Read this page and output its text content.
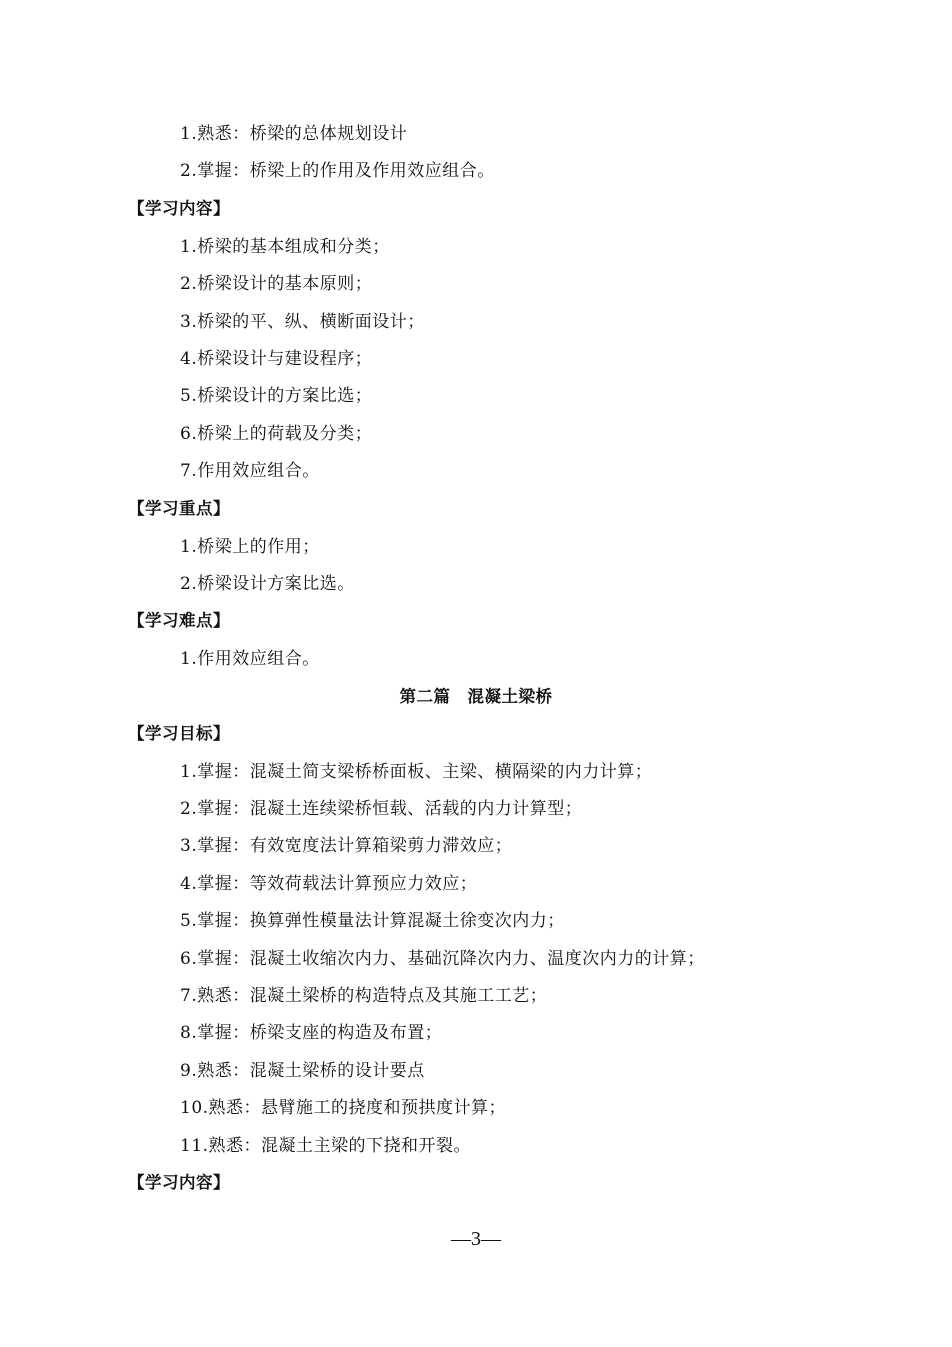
1.熟悉：桥梁的总体规划设计
2.掌握：桥梁上的作用及作用效应组合。
【学习内容】
1.桥梁的基本组成和分类；
2.桥梁设计的基本原则；
3.桥梁的平、纵、横断面设计；
4.桥梁设计与建设程序；
5.桥梁设计的方案比选；
6.桥梁上的荷载及分类；
7.作用效应组合。
【学习重点】
1.桥梁上的作用；
2.桥梁设计方案比选。
【学习难点】
1.作用效应组合。
第二篇　混凝土梁桥
【学习目标】
1.掌握：混凝土简支梁桥桥面板、主梁、横隔梁的内力计算；
2.掌握：混凝土连续梁桥恒载、活载的内力计算型；
3.掌握：有效宽度法计算箱梁剪力滞效应；
4.掌握：等效荷载法计算预应力效应；
5.掌握：换算弹性模量法计算混凝土徐变次内力；
6.掌握：混凝土收缩次内力、基础沉降次内力、温度次内力的计算；
7.熟悉：混凝土梁桥的构造特点及其施工工艺；
8.掌握：桥梁支座的构造及布置；
9.熟悉：混凝土梁桥的设计要点
10.熟悉：悬臂施工的挠度和预拱度计算；
11.熟悉：混凝土主梁的下挠和开裂。
【学习内容】
—3—
